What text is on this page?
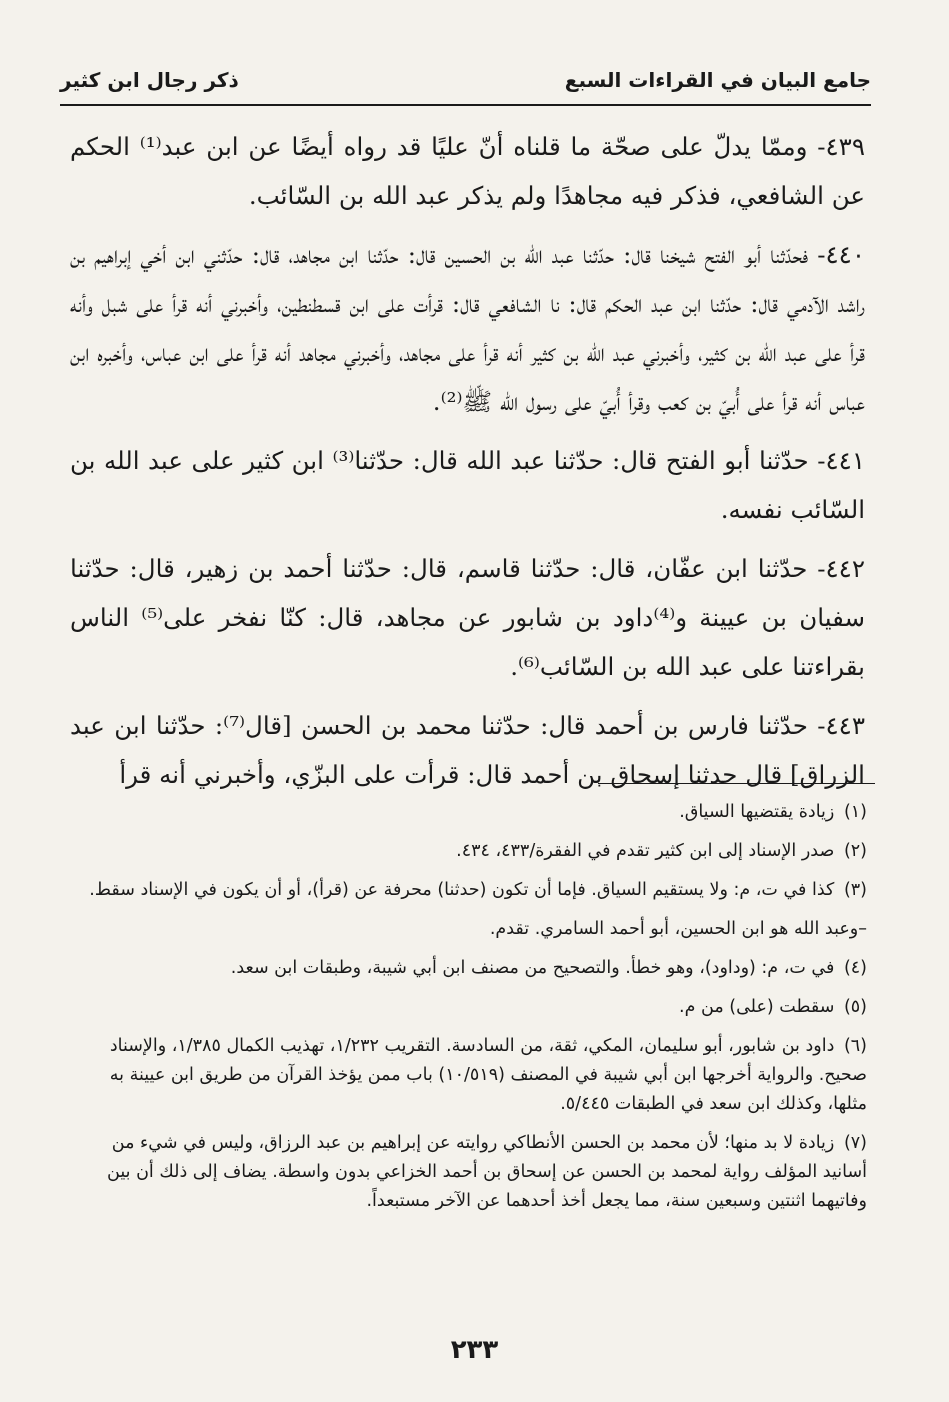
جامع البيان في القراءات السبع
ذكر رجال ابن كثير

٤٣٩- وممّا يدلّ على صحّة ما قلناه أنّ عليًا قد رواه أيضًا عن ابن عبد⁽¹⁾ الحكم عن الشافعي، فذكر فيه مجاهدًا ولم يذكر عبد الله بن السّائب.

٤٤٠- فحدّثنا أبو الفتح شيخنا قال: حدّثنا عبد الله بن الحسين قال: حدّثنا ابن مجاهد، قال: حدّثني ابن أخي إبراهيم بن راشد الآدمي قال: حدّثنا ابن عبد الحكم قال: نا الشافعي قال: قرأت على ابن قسطنطين، وأخبرني أنه قرأ على شبل وأنه قرأ على عبد الله بن كثير، وأخبرني عبد الله بن كثير أنه قرأ على مجاهد، وأخبرني مجاهد أنه قرأ على ابن عباس، وأخبره ابن عباس أنه قرأ على أُبيّ بن كعب وقرأ أُبيّ على رسول الله ﷺ⁽²⁾.

٤٤١- حدّثنا أبو الفتح قال: حدّثنا عبد الله قال: حدّثنا⁽³⁾ ابن كثير على عبد الله بن السّائب نفسه.

٤٤٢- حدّثنا ابن عفّان، قال: حدّثنا قاسم، قال: حدّثنا أحمد بن زهير، قال: حدّثنا سفيان بن عيينة و⁽⁴⁾داود بن شابور عن مجاهد، قال: كنّا نفخر على⁽⁵⁾ الناس بقراءتنا على عبد الله بن السّائب⁽⁶⁾.

٤٤٣- حدّثنا فارس بن أحمد قال: حدّثنا محمد بن الحسن [قال⁽⁷⁾: حدّثنا ابن عبد الزراق] قال حدثنا إسحاق بن أحمد قال: قرأت على البزّي، وأخبرني أنه قرأ

(١) زيادة يقتضيها السياق.
(٢) صدر الإسناد إلى ابن كثير تقدم في الفقرة/٤٣٣، ٤٣٤.
(٣) كذا في ت، م: ولا يستقيم السياق. فإما أن تكون (حدثنا) محرفة عن (قرأ)، أو أن يكون في الإسناد سقط.
–وعبد الله هو ابن الحسين، أبو أحمد السامري. تقدم.
(٤) في ت، م: (وداود)، وهو خطأ. والتصحيح من مصنف ابن أبي شيبة، وطبقات ابن سعد.
(٥) سقطت (على) من م.
(٦) داود بن شابور، أبو سليمان، المكي، ثقة، من السادسة. التقريب ١/٢٣٢، تهذيب الكمال ١/٣٨٥، والإسناد صحيح. والرواية أخرجها ابن أبي شيبة في المصنف (١٠/٥١٩) باب ممن يؤخذ القرآن من طريق ابن عيينة به مثلها، وكذلك ابن سعد في الطبقات ٥/٤٤٥.
(٧) زيادة لا بد منها؛ لأن محمد بن الحسن الأنطاكي روايته عن إبراهيم بن عبد الرزاق، وليس في شيء من أسانيد المؤلف رواية لمحمد بن الحسن عن إسحاق بن أحمد الخزاعي بدون واسطة. يضاف إلى ذلك أن بين وفاتيهما اثنتين وسبعين سنة، مما يجعل أخذ أحدهما عن الآخر مستبعداً.
٢٣٣
